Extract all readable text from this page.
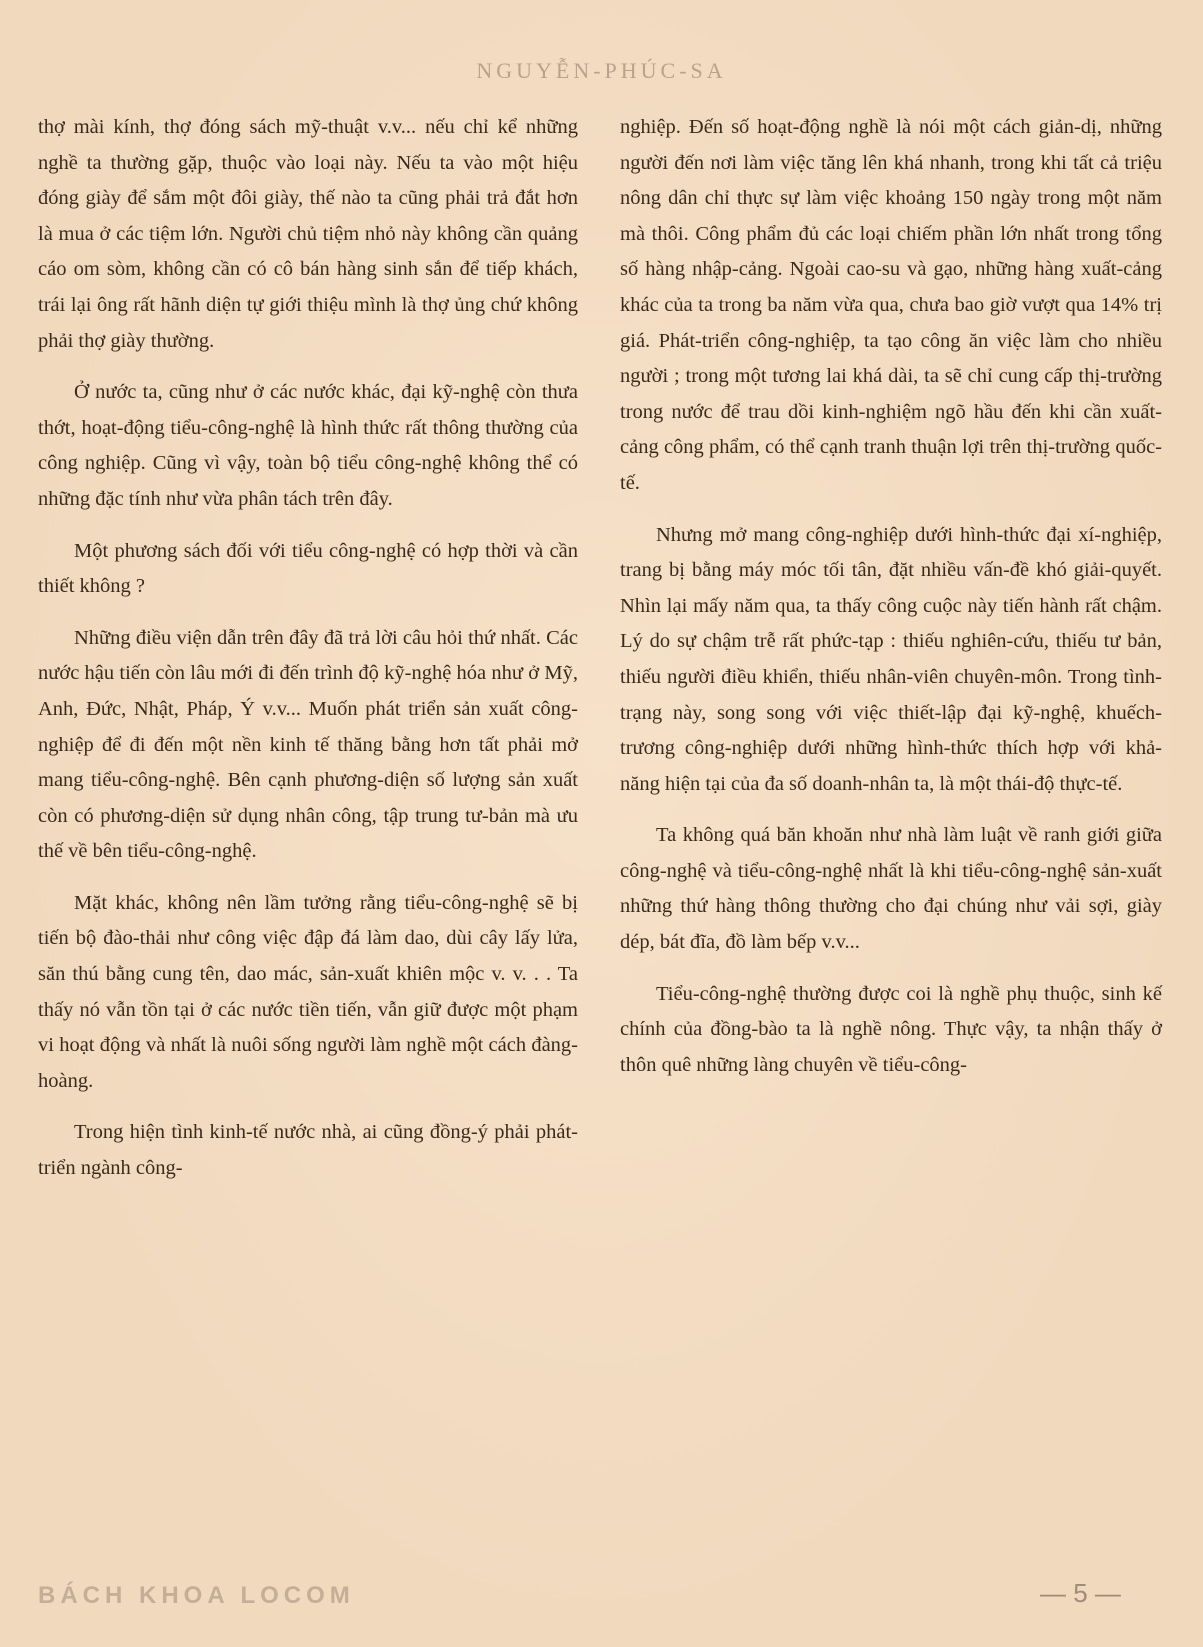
NGUYỄN-PHÚC-SA

thợ mài kính, thợ đóng sách mỹ-thuật v.v... nếu chỉ kể những nghề ta thường gặp, thuộc vào loại này. Nếu ta vào một hiệu đóng giày để sắm một đôi giày, thế nào ta cũng phải trả đắt hơn là mua ở các tiệm lớn. Người chủ tiệm nhỏ này không cần quảng cáo om sòm, không cần có cô bán hàng sinh sắn để tiếp khách, trái lại ông rất hãnh diện tự giới thiệu mình là thợ ủng chứ không phải thợ giày thường.

Ở nước ta, cũng như ở các nước khác, đại kỹ-nghệ còn thưa thớt, hoạt-động tiểu-công-nghệ là hình thức rất thông thường của công nghiệp. Cũng vì vậy, toàn bộ tiểu công-nghệ không thể có những đặc tính như vừa phân tách trên đây.

Một phương sách đối với tiểu công-nghệ có hợp thời và cần thiết không ?

Những điều viện dẫn trên đây đã trả lời câu hỏi thứ nhất. Các nước hậu tiến còn lâu mới đi đến trình độ kỹ-nghệ hóa như ở Mỹ, Anh, Đức, Nhật, Pháp, Ý v.v... Muốn phát triển sản xuất công-nghiệp để đi đến một nền kinh tế thăng bằng hơn tất phải mở mang tiểu-công-nghệ. Bên cạnh phương-diện số lượng sản xuất còn có phương-diện sử dụng nhân công, tập trung tư-bản mà ưu thế về bên tiểu-công-nghệ.

Mặt khác, không nên lầm tưởng rằng tiểu-công-nghệ sẽ bị tiến bộ đào-thải như công việc đập đá làm dao, dùi cây lấy lửa, săn thú bằng cung tên, dao mác, sản-xuất khiên mộc v. v. . . Ta thấy nó vẫn tồn tại ở các nước tiền tiến, vẫn giữ được một phạm vi hoạt động và nhất là nuôi sống người làm nghề một cách đàng-hoàng.

Trong hiện tình kinh-tế nước nhà, ai cũng đồng-ý phải phát-triển ngành công-

nghiệp. Đến số hoạt-động nghề là nói một cách giản-dị, những người đến nơi làm việc tăng lên khá nhanh, trong khi tất cả triệu nông dân chỉ thực sự làm việc khoảng 150 ngày trong một năm mà thôi. Công phẩm đủ các loại chiếm phần lớn nhất trong tổng số hàng nhập-cảng. Ngoài cao-su và gạo, những hàng xuất-cảng khác của ta trong ba năm vừa qua, chưa bao giờ vượt qua 14% trị giá. Phát-triển công-nghiệp, ta tạo công ăn việc làm cho nhiều người ; trong một tương lai khá dài, ta sẽ chỉ cung cấp thị-trường trong nước để trau dồi kinh-nghiệm ngõ hầu đến khi cần xuất-cảng công phẩm, có thể cạnh tranh thuận lợi trên thị-trường quốc-tế.

Nhưng mở mang công-nghiệp dưới hình-thức đại xí-nghiệp, trang bị bằng máy móc tối tân, đặt nhiều vấn-đề khó giải-quyết. Nhìn lại mấy năm qua, ta thấy công cuộc này tiến hành rất chậm. Lý do sự chậm trễ rất phức-tạp : thiếu nghiên-cứu, thiếu tư bản, thiếu người điều khiển, thiếu nhân-viên chuyên-môn. Trong tình-trạng này, song song với việc thiết-lập đại kỹ-nghệ, khuếch-trương công-nghiệp dưới những hình-thức thích hợp với khả-năng hiện tại của đa số doanh-nhân ta, là một thái-độ thực-tế.

Ta không quá băn khoăn như nhà làm luật về ranh giới giữa công-nghệ và tiểu-công-nghệ nhất là khi tiểu-công-nghệ sản-xuất những thứ hàng thông thường cho đại chúng như vải sợi, giày dép, bát đĩa, đồ làm bếp v.v...

Tiểu-công-nghệ thường được coi là nghề phụ thuộc, sinh kế chính của đồng-bào ta là nghề nông. Thực vậy, ta nhận thấy ở thôn quê những làng chuyên về tiểu-công-

BÁCH KHOA LOCOM	— 5 —
